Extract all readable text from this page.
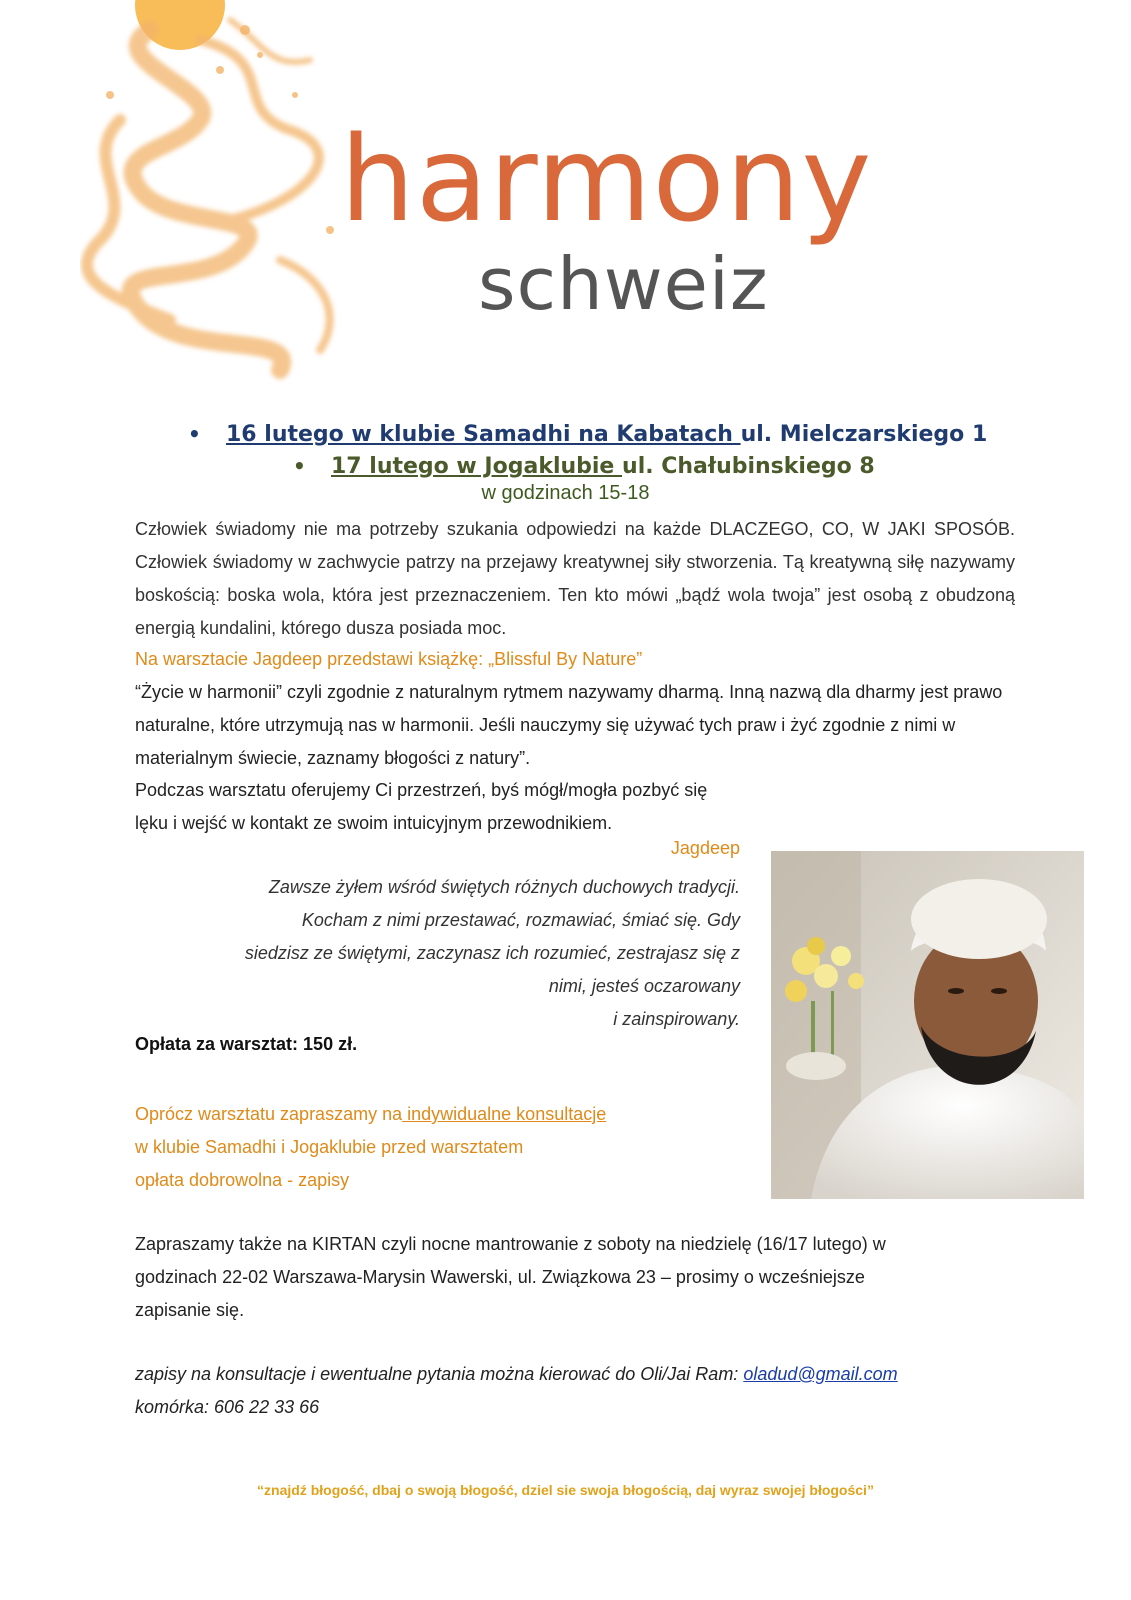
harmony
schweiz
• 16 lutego w klubie Samadhi na Kabatach ul. Mielczarskiego 1
• 17 lutego w Jogaklubie ul. Chałubinskiego 8
w godzinach 15-18

Człowiek świadomy nie ma potrzeby szukania odpowiedzi na każde DLACZEGO, CO, W JAKI SPOSÓB. Człowiek świadomy w zachwycie patrzy na przejawy kreatywnej siły stworzenia. Tą kreatywną siłę nazywamy boskością: boska wola, która jest przeznaczeniem. Ten kto mówi „bądź wola twoja” jest osobą z obudzoną energią kundalini, którego dusza posiada moc.

Na warsztacie Jagdeep przedstawi książkę: „Blissful By Nature”

“Życie w harmonii” czyli zgodnie z naturalnym rytmem nazywamy dharmą. Inną nazwą dla dharmy jest prawo naturalne, które utrzymują nas w harmonii. Jeśli nauczymy się używać tych praw i żyć zgodnie z nimi w materialnym świecie, zaznamy błogości z natury”.

Podczas warsztatu oferujemy Ci przestrzeń, byś mógł/mogła pozbyć się lęku i wejść w kontakt ze swoim intuicyjnym przewodnikiem.

Jagdeep

Zawsze żyłem wśród świętych różnych duchowych tradycji.
Kocham z nimi przestawać, rozmawiać, śmiać się. Gdy
siedzisz ze świętymi, zaczynasz ich rozumieć, zestrajasz się z
nimi, jesteś oczarowany
i zainspirowany.

Opłata za warsztat: 150 zł.

Oprócz warsztatu zapraszamy na indywidualne konsultacje
w klubie Samadhi i Jogaklubie przed warsztatem
opłata dobrowolna - zapisy

Zapraszamy także na KIRTAN czyli nocne mantrowanie z soboty na niedzielę (16/17 lutego) w godzinach 22-02 Warszawa-Marysin Wawerski, ul. Związkowa 23 – prosimy o wcześniejsze zapisanie się.

zapisy na konsultacje i ewentualne pytania można kierować do Oli/Jai Ram: oladud@gmail.com
komórka: 606 22 33 66

“znajdź błogość, dbaj o swoją błogość, dziel sie swoja błogością, daj wyraz swojej błogości”
